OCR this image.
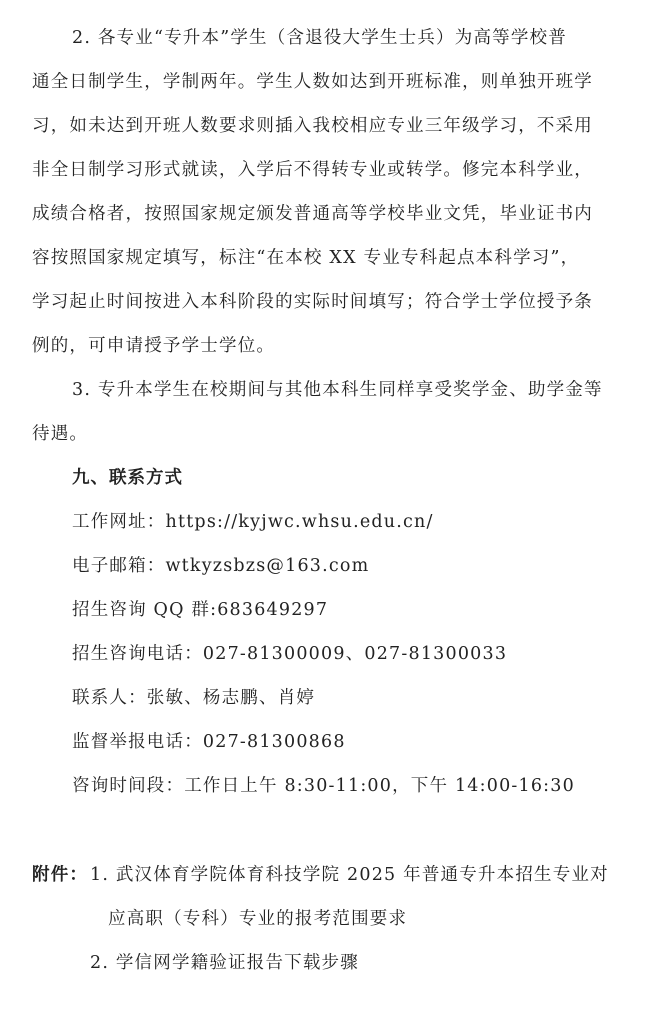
2. 各专业“专升本”学生（含退役大学生士兵）为高等学校普
通全日制学生，学制两年。学生人数如达到开班标准，则单独开班学
习，如未达到开班人数要求则插入我校相应专业三年级学习，不采用
非全日制学习形式就读，入学后不得转专业或转学。修完本科学业，
成绩合格者，按照国家规定颁发普通高等学校毕业文凭，毕业证书内
容按照国家规定填写，标注“在本校 XX 专业专科起点本科学习”，
学习起止时间按进入本科阶段的实际时间填写；符合学士学位授予条
例的，可申请授予学士学位。
3. 专升本学生在校期间与其他本科生同样享受奖学金、助学金等
待遇。
九、联系方式
工作网址：https://kyjwc.whsu.edu.cn/
电子邮箱：wtkyzsbzs@163.com
招生咨询 QQ 群:683649297
招生咨询电话：027-81300009、027-81300033
联系人：张敏、杨志鹏、肖婷
监督举报电话：027-81300868
咨询时间段：工作日上午 8:30-11:00，下午 14:00-16:30
附件： 1. 武汉体育学院体育科技学院 2025 年普通专升本招生专业对
应高职（专科）专业的报考范围要求
2. 学信网学籍验证报告下载步骤
